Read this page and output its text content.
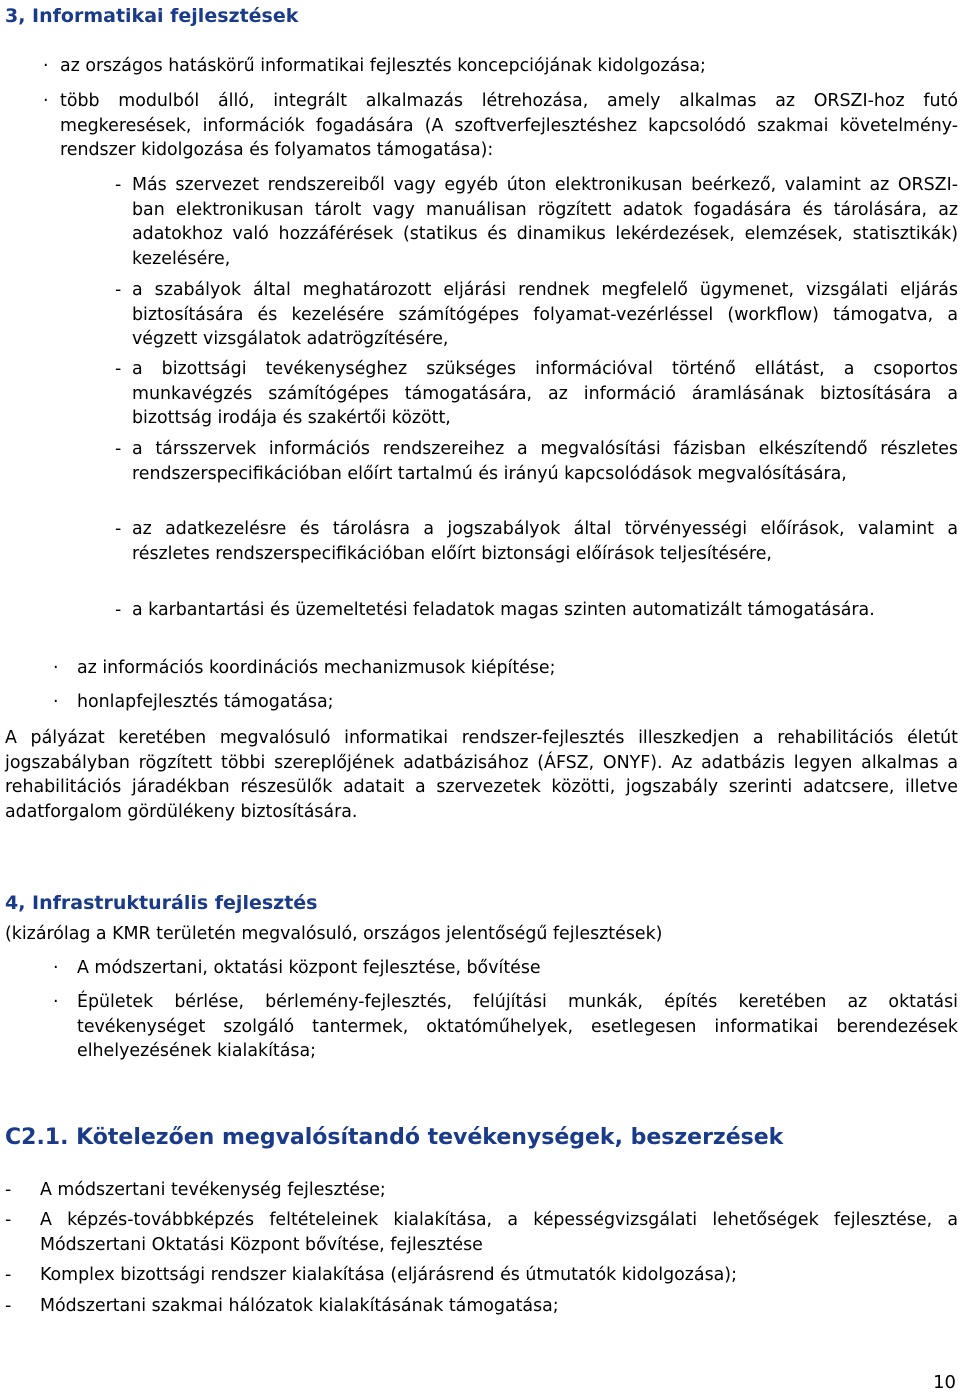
3, Informatikai fejlesztések
· az országos hatáskörű informatikai fejlesztés koncepciójának kidolgozása;
· több modulból álló, integrált alkalmazás létrehozása, amely alkalmas az ORSZI-hoz futó megkeresések, információk fogadására (A szoftverfejlesztéshez kapcsolódó szakmai követelmény-rendszer kidolgozása és folyamatos támogatása):
- Más szervezet rendszereiből vagy egyéb úton elektronikusan beérkező, valamint az ORSZI-ban elektronikusan tárolt vagy manuálisan rögzített adatok fogadására és tárolására, az adatokhoz való hozzáférések (statikus és dinamikus lekérdezések, elemzések, statisztikák) kezelésére,
- a szabályok által meghatározott eljárási rendnek megfelelő ügymenet, vizsgálati eljárás biztosítására és kezelésére számítógépes folyamat-vezérléssel (workflow) támogatva, a végzett vizsgálatok adatrögzítésére,
- a bizottsági tevékenységhez szükséges információval történő ellátást, a csoportos munkavégzés számítógépes támogatására, az információ áramlásának biztosítására a bizottság irodája és szakértői között,
- a társszervek információs rendszereihez a megvalósítási fázisban elkészítendő részletes rendszerspecifikációban előírt tartalmú és irányú kapcsolódások megvalósítására,
- az adatkezelésre és tárolásra a jogszabályok által törvényességi előírások, valamint a részletes rendszerspecifikációban előírt biztonsági előírások teljesítésére,
- a karbantartási és üzemeltetési feladatok magas szinten automatizált támogatására.
· az információs koordinációs mechanizmusok kiépítése;
· honlapfejlesztés támogatása;
A pályázat keretében megvalósuló informatikai rendszer-fejlesztés illeszkedjen a rehabilitációs életút jogszabályban rögzített többi szereplőjének adatbázisához (ÁFSZ, ONYF). Az adatbázis legyen alkalmas a rehabilitációs járadékban részesülők adatait a szervezetek közötti, jogszabály szerinti adatcsere, illetve adatforgalom gördülékeny biztosítására.
4, Infrastrukturális fejlesztés
(kizárólag a KMR területén megvalósuló, országos jelentőségű fejlesztések)
· A módszertani, oktatási központ fejlesztése, bővítése
· Épületek bérlése, bérlemény-fejlesztés, felújítási munkák, építés keretében az oktatási tevékenységet szolgáló tantermek, oktatóműhelyek, esetlegesen informatikai berendezések elhelyezésének kialakítása;
C2.1. Kötelezően megvalósítandó tevékenységek, beszerzések
- A módszertani tevékenység fejlesztése;
- A képzés-továbbképzés feltételeinek kialakítása, a képességvizsgálati lehetőségek fejlesztése, a Módszertani Oktatási Központ bővítése, fejlesztése
- Komplex bizottsági rendszer kialakítása (eljárásrend és útmutatók kidolgozása);
- Módszertani szakmai hálózatok kialakításának támogatása;
10
